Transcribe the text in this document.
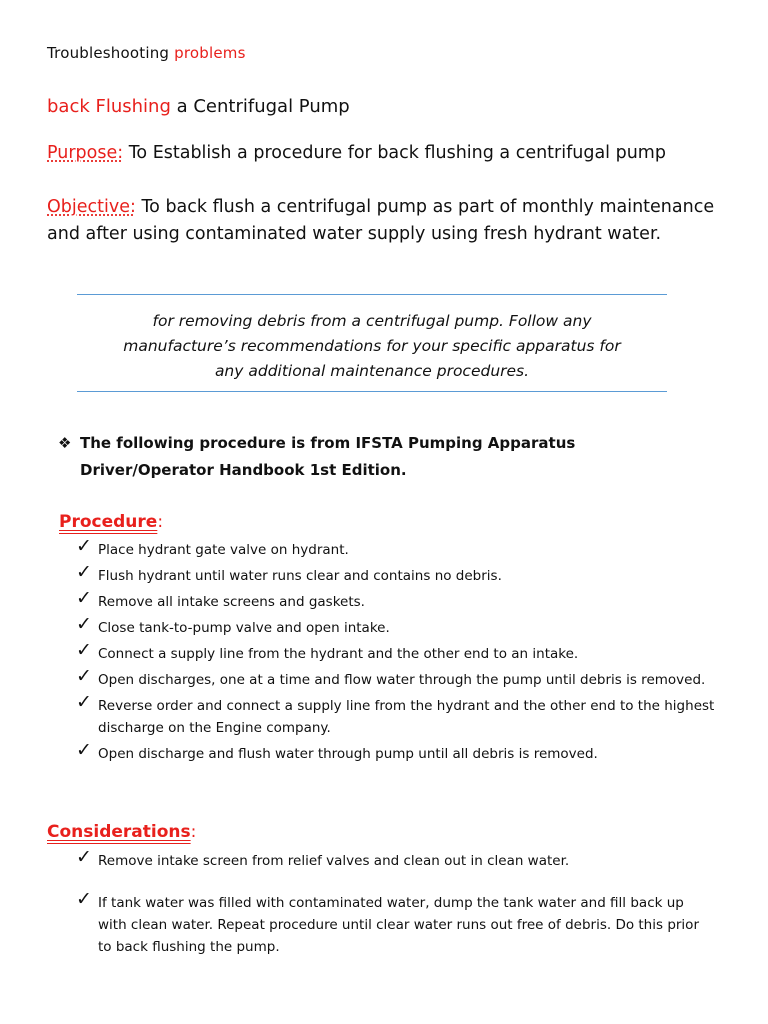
Troubleshooting problems
back Flushing a Centrifugal Pump
Purpose: To Establish a procedure for back flushing a centrifugal pump
Objective: To back flush a centrifugal pump as part of monthly maintenance and after using contaminated water supply using fresh hydrant water.
for removing debris from a centrifugal pump. Follow any
manufacture’s recommendations for your specific apparatus for
any additional maintenance procedures.
❖ The following procedure is from IFSTA Pumping Apparatus
Driver/Operator Handbook 1st Edition.
Procedure:
✓ Place hydrant gate valve on hydrant.
✓ Flush hydrant until water runs clear and contains no debris.
✓ Remove all intake screens and gaskets.
✓ Close tank-to-pump valve and open intake.
✓ Connect a supply line from the hydrant and the other end to an intake.
✓ Open discharges, one at a time and flow water through the pump until debris is removed.
✓ Reverse order and connect a supply line from the hydrant and the other end to the highest discharge on the Engine company.
✓ Open discharge and flush water through pump until all debris is removed.
Considerations:
✓ Remove intake screen from relief valves and clean out in clean water.
✓ If tank water was filled with contaminated water, dump the tank water and fill back up with clean water. Repeat procedure until clear water runs out free of debris. Do this prior to back flushing the pump.
